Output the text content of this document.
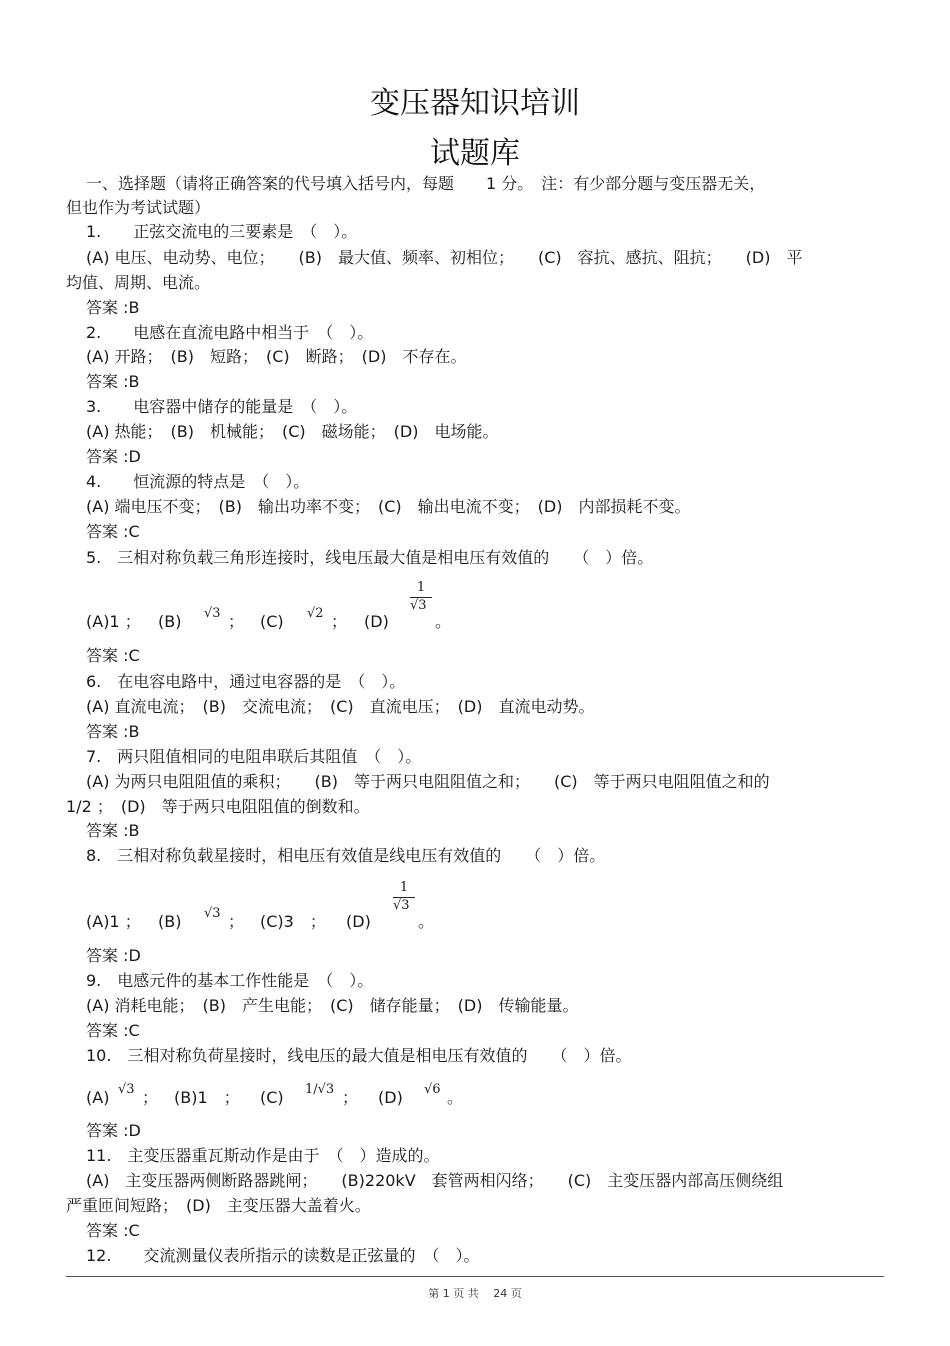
变压器知识培训
试题库
一、选择题（请将正确答案的代号填入括号内，每题　　1 分。　注：有少部分题与变压器无关，
但也作为考试试题）
1.　　正弦交流电的三要素是　（　）。
(A) 电压、电动势、电位；　　(B)　最大值、频率、初相位；　　(C)　容抗、感抗、阻抗；　　(D)　平
均值、周期、电流。
答案 :B
2.　　电感在直流电路中相当于　（　）。
(A) 开路；　(B)　短路；　(C)　断路；　(D)　不存在。
答案 :B
3.　　电容器中储存的能量是　（　）。
(A) 热能；　(B)　机械能；　(C)　磁场能；　(D)　电场能。
答案 :D
4.　　恒流源的特点是　（　）。
(A) 端电压不变；　(B)　输出功率不变；　(C)　输出电流不变；　(D)　内部损耗不变。
答案 :C
5.　三相对称负载三角形连接时，线电压最大值是相电压有效值的　　（　）倍。
(A)1 ； (B) √3 ； (C) √2 ； (D)
1
√3
。
答案 :C
6.　在电容电路中，通过电容器的是　（　）。
(A) 直流电流；　(B)　交流电流；　(C)　直流电压；　(D)　直流电动势。
答案 :B
7.　两只阻值相同的电阻串联后其阻值　（　）。
(A) 为两只电阻阻值的乘积；　　(B)　等于两只电阻阻值之和；　　(C)　等于两只电阻阻值之和的
1/2 ；　(D)　等于两只电阻阻值的倒数和。
答案 :B
8.　三相对称负载星接时，相电压有效值是线电压有效值的　　（　）倍。
(A)1 ； (B) √3 ； (C)3　； (D)
1
√3
。
答案 :D
9.　电感元件的基本工作性能是　（　）。
(A) 消耗电能；　(B)　产生电能；　(C)　储存能量；　(D)　传输能量。
答案 :C
10.　三相对称负荷星接时，线电压的最大值是相电压有效值的　　（　）倍。
(A) √3 ； (B)1　； (C) 1/√3 ； (D) √6 。
答案 :D
11.　主变压器重瓦斯动作是由于　（　）造成的。
(A)　主变压器两侧断路器跳闸；　　(B)220kV　套管两相闪络；　　(C)　主变压器内部高压侧绕组
严重匝间短路；　(D)　主变压器大盖着火。
答案 :C
12.　　交流测量仪表所指示的读数是正弦量的　（　）。
第 1 页 共　 24 页
